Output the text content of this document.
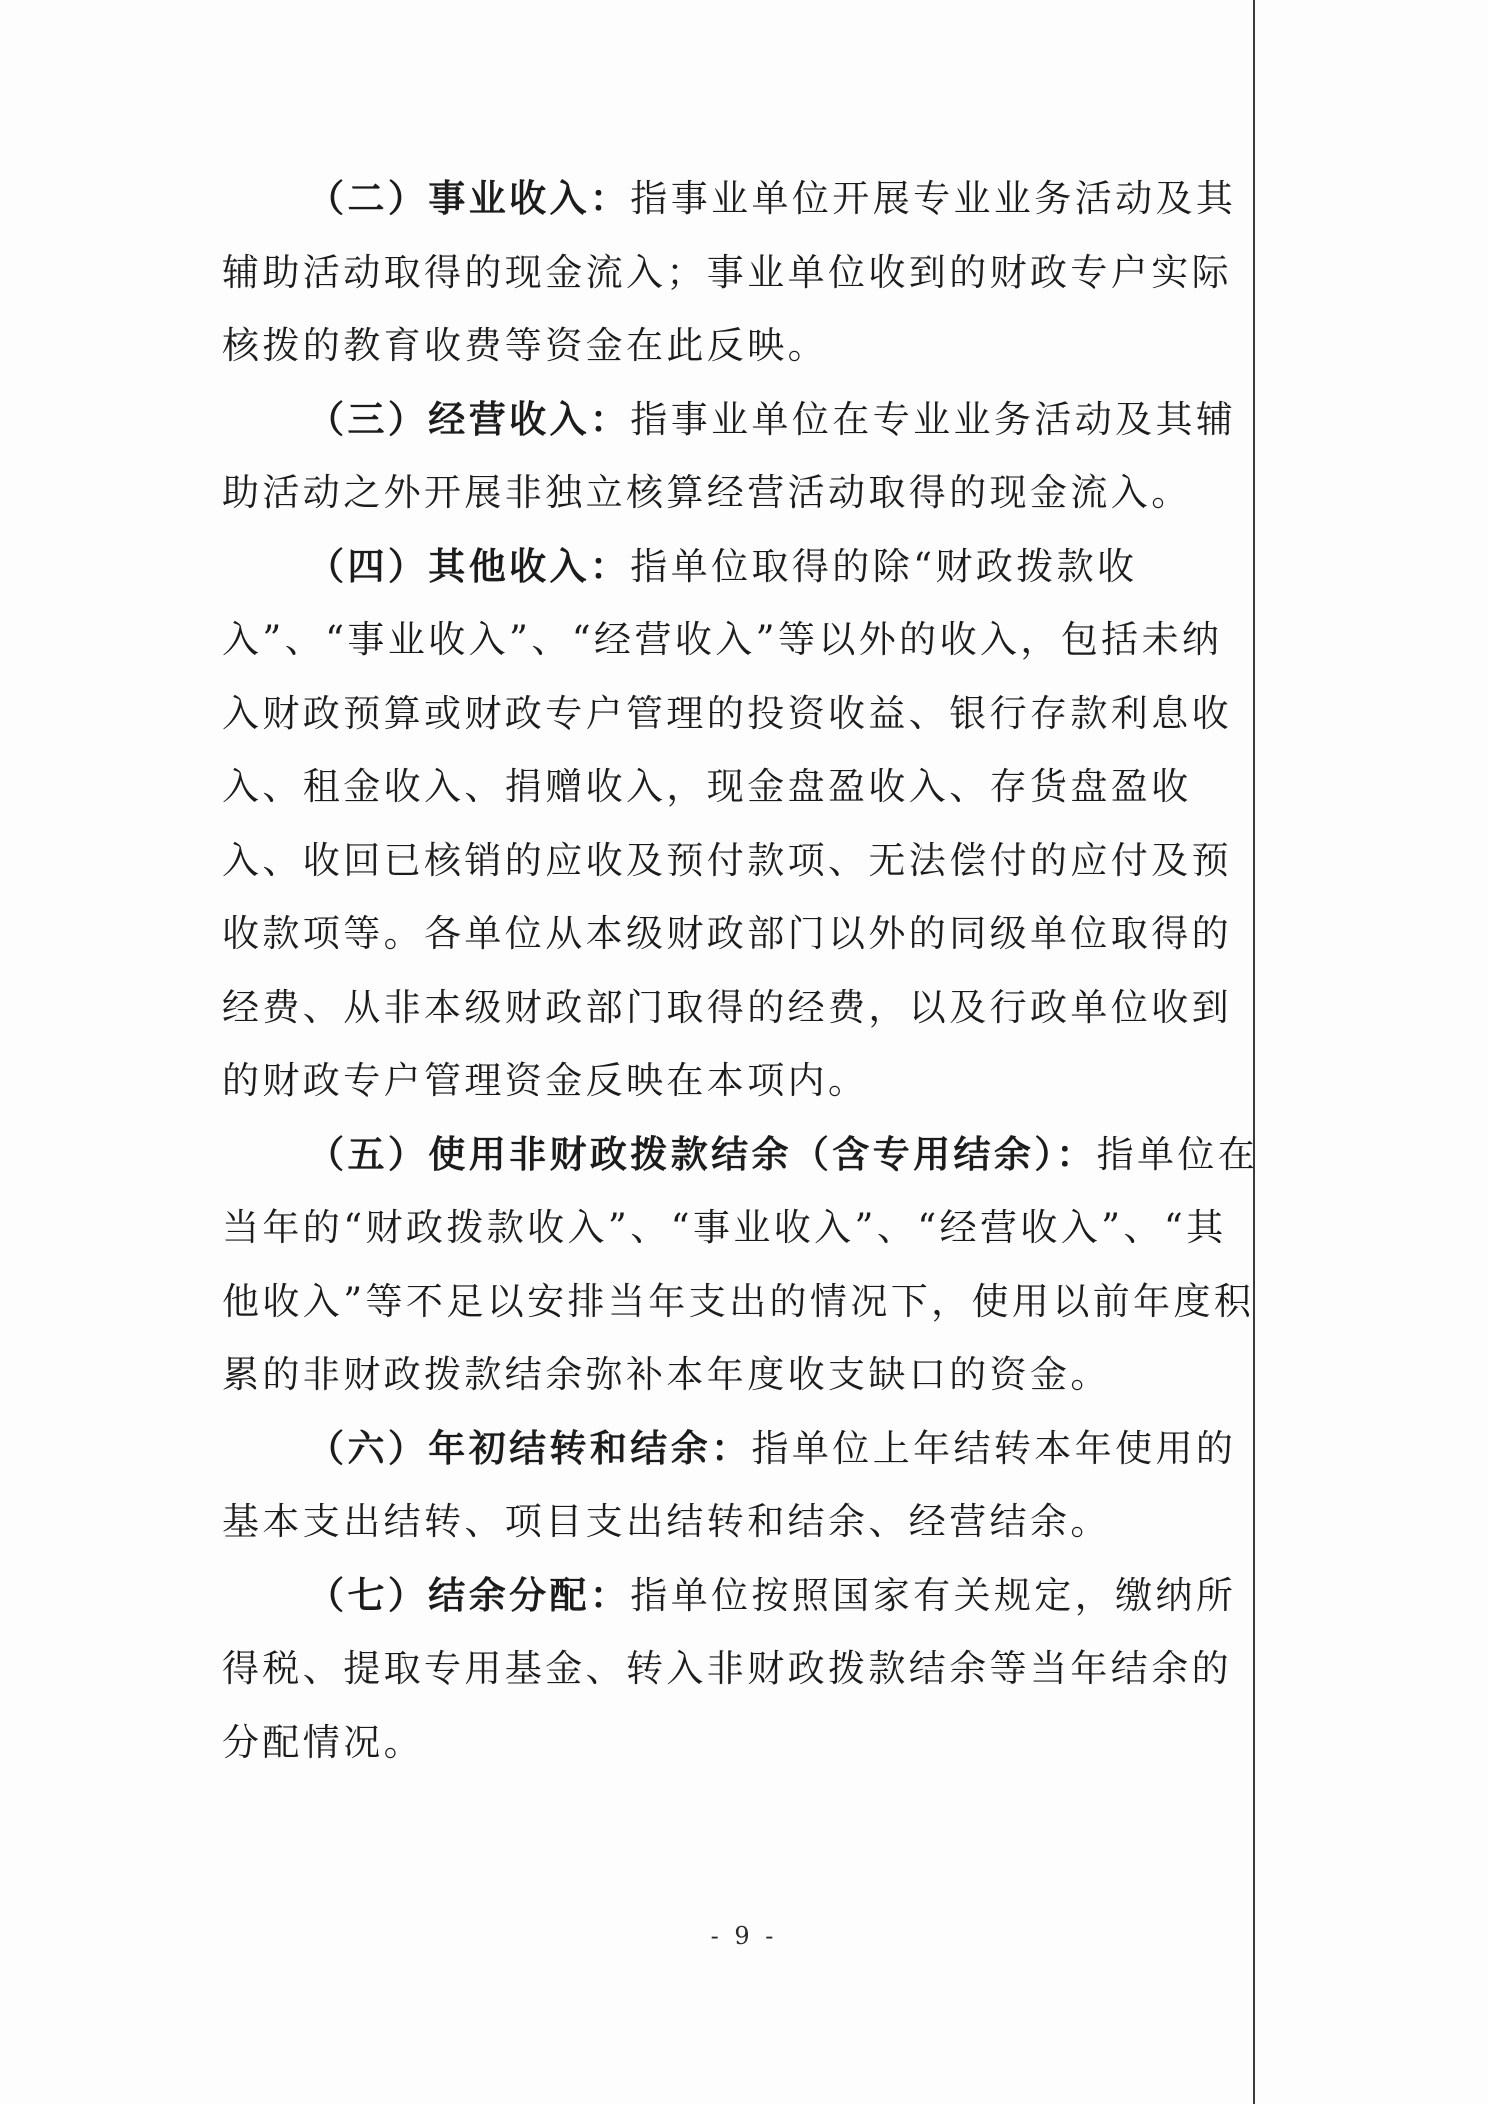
（二）事业收入：指事业单位开展专业业务活动及其辅助活动取得的现金流入；事业单位收到的财政专户实际核拨的教育收费等资金在此反映。

（三）经营收入：指事业单位在专业业务活动及其辅助活动之外开展非独立核算经营活动取得的现金流入。

（四）其他收入：指单位取得的除“财政拨款收入”、“事业收入”、“经营收入”等以外的收入，包括未纳入财政预算或财政专户管理的投资收益、银行存款利息收入、租金收入、捐赠收入，现金盘盈收入、存货盘盈收入、收回已核销的应收及预付款项、无法偿付的应付及预收款项等。各单位从本级财政部门以外的同级单位取得的经费、从非本级财政部门取得的经费，以及行政单位收到的财政专户管理资金反映在本项内。

（五）使用非财政拨款结余（含专用结余）：指单位在当年的“财政拨款收入”、“事业收入”、“经营收入”、“其他收入”等不足以安排当年支出的情况下，使用以前年度积累的非财政拨款结余弥补本年度收支缺口的资金。

（六）年初结转和结余：指单位上年结转本年使用的基本支出结转、项目支出结转和结余、经营结余。

（七）结余分配：指单位按照国家有关规定，缴纳所得税、提取专用基金、转入非财政拨款结余等当年结余的分配情况。

- 9 -
